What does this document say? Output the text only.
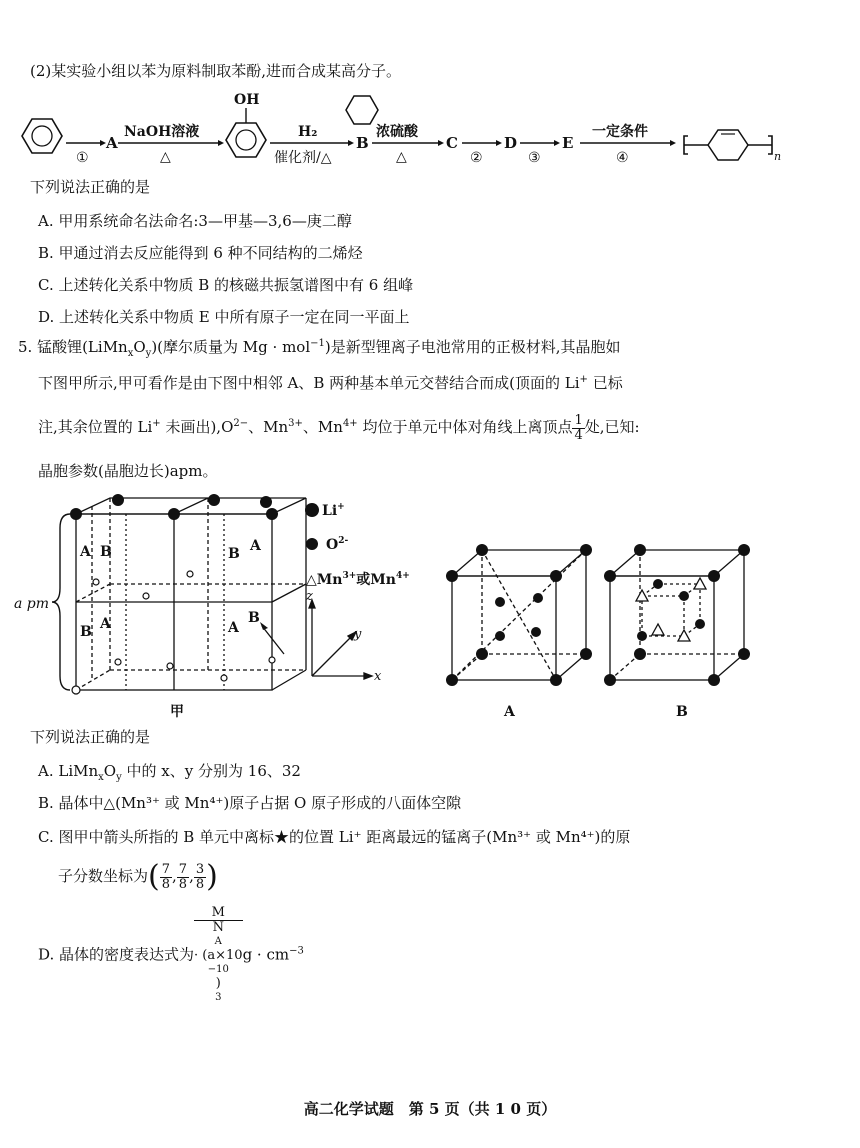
(2)某实验小组以苯为原料制取苯酚,进而合成某高分子。
①
A
NaOH溶液
△
OH
H₂
催化剂/△
B
浓硫酸
△
C
②
D
③
E
一定条件
④	n
下列说法正确的是
A. 甲用系统命名法命名:3—甲基—3,6—庚二醇
B. 甲通过消去反应能得到 6 种不同结构的二烯烃
C. 上述转化关系中物质 B 的核磁共振氢谱图中有 6 组峰
D. 上述转化关系中物质 E 中所有原子一定在同一平面上
5. 锰酸锂$(LiMn_xO_y)$(摩尔质量为 Mg · mol$^{-1}$)是新型锂离子电池常用的正极材料,其晶胞如
下图甲所示,甲可看作是由下图中相邻 A、B 两种基本单元交替结合而成(顶面的 Li+ 已标
注,其余位置的 Li+ 未画出)$,O^{2-}$、$Mn^{3+}$、$Mn^{4+}$ 均位于单元中体对角线上离顶点 $\frac{1}{4}$ 处,已知:
晶胞参数(晶胞边长)apm。
A B	B A
B A	A
B
a pm
甲
Li+
$O^{2-}$
$\triangle Mn^{3+}$或$Mn^{4+}$
z
x
y
A	B
下列说法正确的是
A. $LiMn_xO_y$ 中的 x、y 分别为 16、32
B. 晶体中△(Mn³⁺ 或 Mn⁴⁺)原子占据 O 原子形成的八面体空隙
C. 图甲中箭头所指的 B 单元中离标★的位置 Li⁺ 距离最远的锰离子(Mn³⁺ 或 Mn⁴⁺)的原
子分数坐标为( $\frac{7}{8}$ , $\frac{7}{8}$ , $\frac{3}{8}$ )
D. 晶体的密度表达式为 M
N
A
· (a×10
−10
)
3 $g \cdot cm^{-3}$
高二化学试题　第 5 页（共 1 0 页）
